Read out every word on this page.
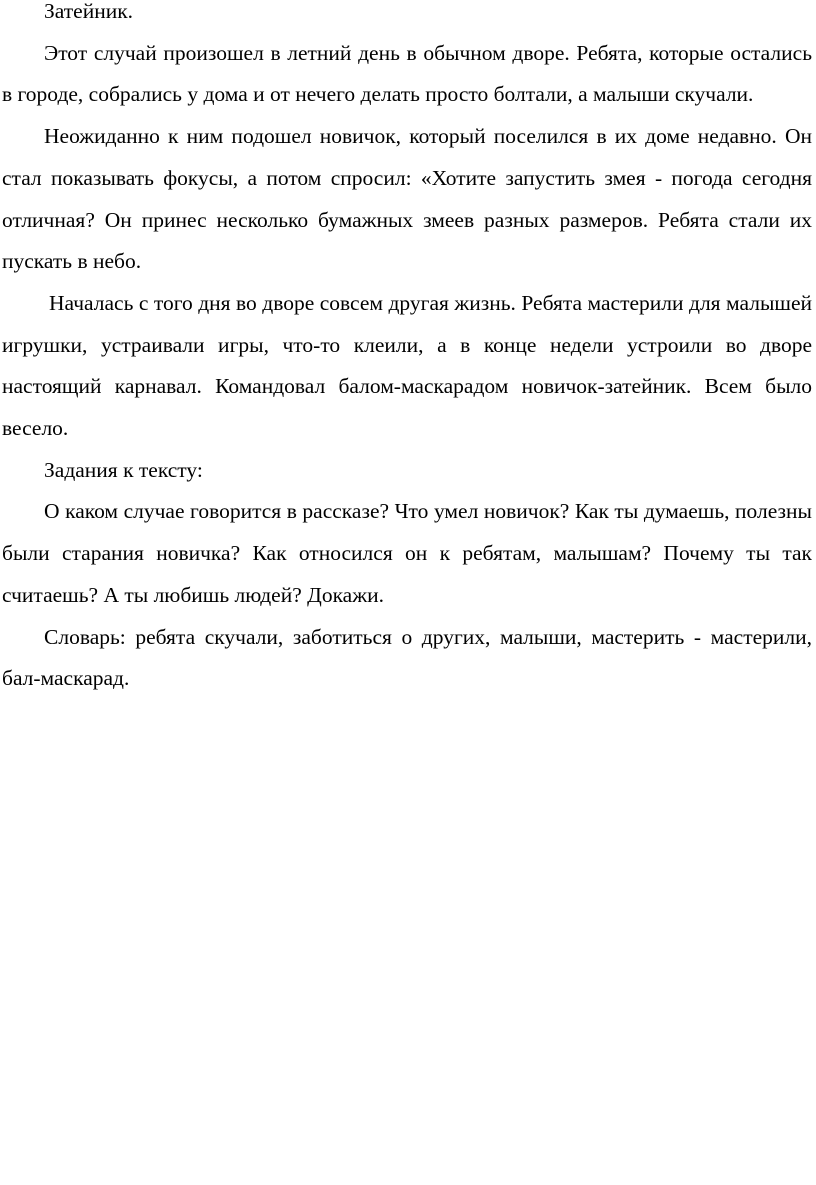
Затейник.

Этот случай произошел в летний день в обычном дворе. Ребята, которые остались в городе, собрались у дома и от нечего делать просто болтали, а малыши скучали.

Неожиданно к ним подошел новичок, который поселился в их доме недавно. Он стал показывать фокусы, а потом спросил: «Хотите запустить змея - погода сегодня отличная? Он принес несколько бумажных змеев разных размеров. Ребята стали их пускать в небо.

Началась с того дня во дворе совсем другая жизнь. Ребята мастерили для малышей игрушки, устраивали игры, что-то клеили, а в конце недели устроили во дворе настоящий карнавал. Командовал балом-маскарадом новичок-затейник. Всем было весело.

Задания к тексту:

О каком случае говорится в рассказе? Что умел новичок? Как ты думаешь, полезны были старания новичка? Как относился он к ребятам, малышам? Почему ты так считаешь? А ты любишь людей? Докажи.

Словарь: ребята скучали, заботиться о других, малыши, мастерить - мастерили, бал-маскарад.
